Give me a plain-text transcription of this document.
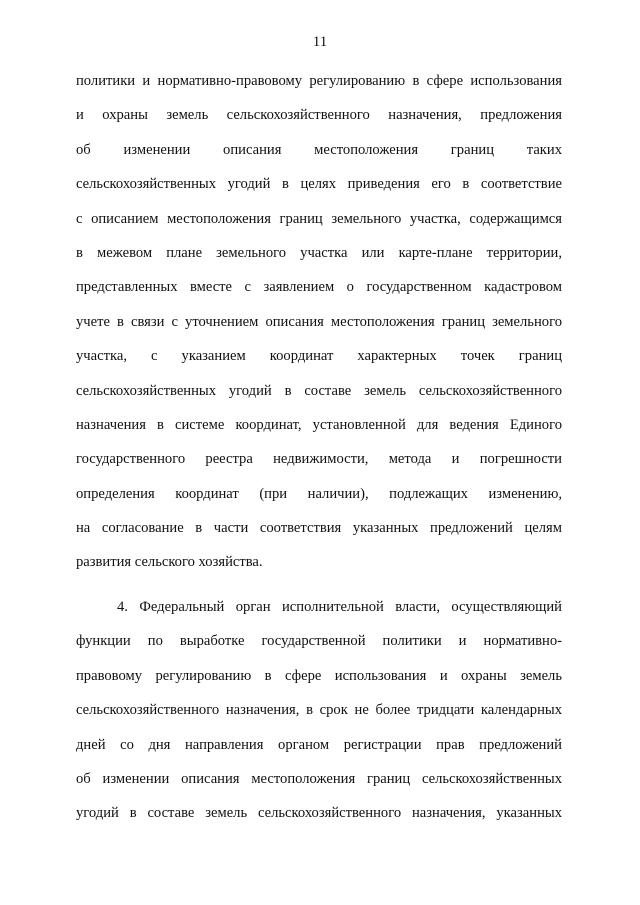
11
политики и нормативно-правовому регулированию в сфере использования
и охраны земель сельскохозяйственного назначения, предложения
об изменении описания местоположения границ таких
сельскохозяйственных угодий в целях приведения его в соответствие
с описанием местоположения границ земельного участка, содержащимся
в межевом плане земельного участка или карте-плане территории,
представленных вместе с заявлением о государственном кадастровом
учете в связи с уточнением описания местоположения границ земельного
участка, с указанием координат характерных точек границ
сельскохозяйственных угодий в составе земель сельскохозяйственного
назначения в системе координат, установленной для ведения Единого
государственного реестра недвижимости, метода и погрешности
определения координат (при наличии), подлежащих изменению,
на согласование в части соответствия указанных предложений целям
развития сельского хозяйства.
4. Федеральный орган исполнительной власти, осуществляющий
функции по выработке государственной политики и нормативно-
правовому регулированию в сфере использования и охраны земель
сельскохозяйственного назначения, в срок не более тридцати календарных
дней со дня направления органом регистрации прав предложений
об изменении описания местоположения границ сельскохозяйственных
угодий в составе земель сельскохозяйственного назначения, указанных
